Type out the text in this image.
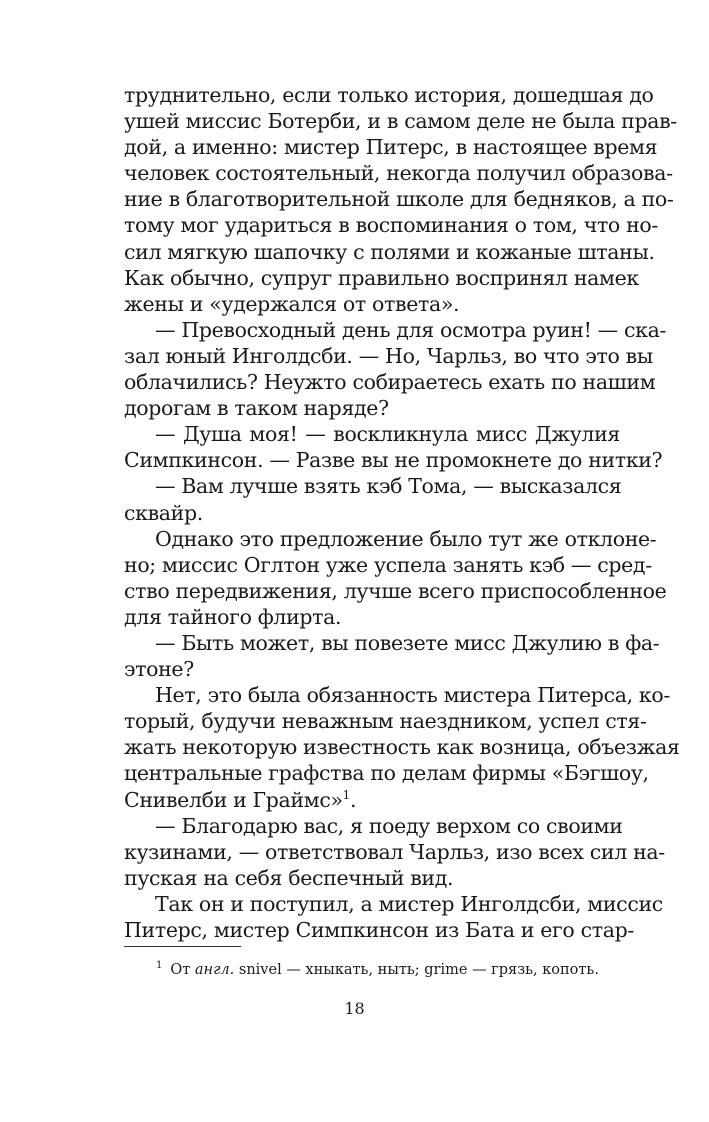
труднительно, если только история, дошедшая до
ушей миссис Ботерби, и в самом деле не была прав-
дой, а именно: мистер Питерс, в настоящее время
человек состоятельный, некогда получил образова-
ние в благотворительной школе для бедняков, а по-
тому мог удариться в воспоминания о том, что но-
сил мягкую шапочку с полями и кожаные штаны.
Как обычно, супруг правильно воспринял намек
жены и «удержался от ответа».
— Превосходный день для осмотра руин! — ска-
зал юный Инголдсби. — Но, Чарльз, во что это вы
облачились? Неужто собираетесь ехать по нашим
дорогам в таком наряде?
— Душа моя! — воскликнула мисс Джулия
Симпкинсон. — Разве вы не промокнете до нитки?
— Вам лучше взять кэб Тома, — высказался
сквайр.
Однако это предложение было тут же отклоне-
но; миссис Оглтон уже успела занять кэб — сред-
ство передвижения, лучше всего приспособленное
для тайного флирта.
— Быть может, вы повезете мисс Джулию в фа-
этоне?
Нет, это была обязанность мистера Питерса, ко-
торый, будучи неважным наездником, успел стя-
жать некоторую известность как возница, объезжая
центральные графства по делам фирмы «Бэгшоу,
Снивелби и Граймс»$^1$.
— Благодарю вас, я поеду верхом со своими
кузинами, — ответствовал Чарльз, изо всех сил на-
пуская на себя беспечный вид.
Так он и поступил, а мистер Инголдсби, миссис
Питерс, мистер Симпкинсон из Бата и его стар-
$^1$ От англ. snivel — хныкать, ныть; grime — грязь, копоть.
18
